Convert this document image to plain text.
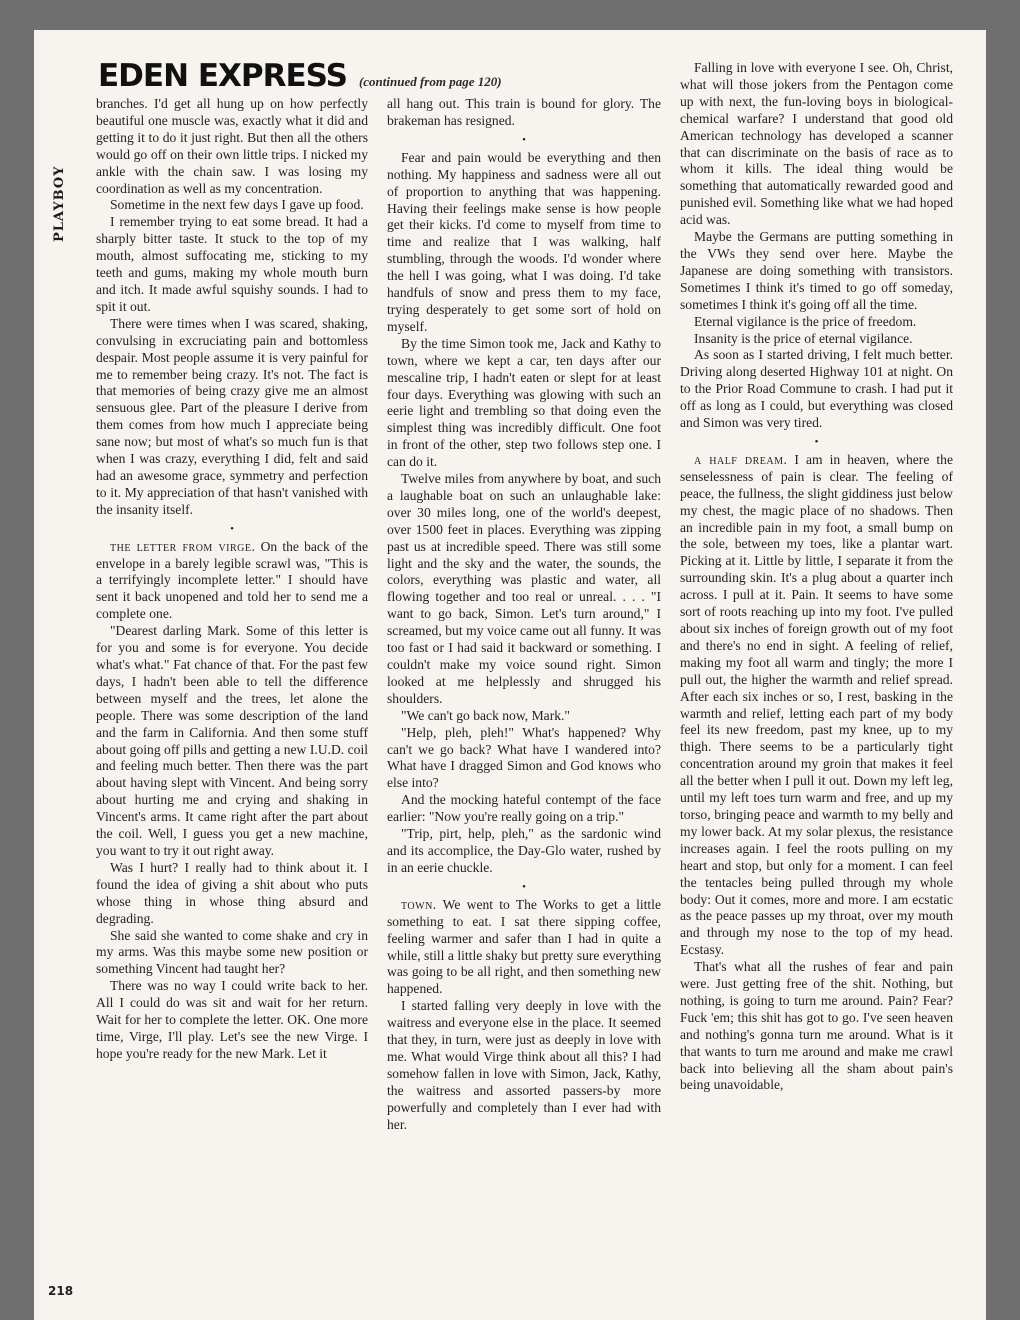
PLAYBOY
EDEN EXPRESS (continued from page 120)

branches. I'd get all hung up on how perfectly beautiful one muscle was, exactly what it did and getting it to do it just right. But then all the others would go off on their own little trips. I nicked my ankle with the chain saw. I was losing my coordination as well as my concentration.

Sometime in the next few days I gave up food.

I remember trying to eat some bread. It had a sharply bitter taste. It stuck to the top of my mouth, almost suffocating me, sticking to my teeth and gums, making my whole mouth burn and itch. It made awful squishy sounds. I had to spit it out.

There were times when I was scared, shaking, convulsing in excruciating pain and bottomless despair. Most people assume it is very painful for me to remember being crazy. It's not. The fact is that memories of being crazy give me an almost sensuous glee. Part of the pleasure I derive from them comes from how much I appreciate being sane now; but most of what's so much fun is that when I was crazy, everything I did, felt and said had an awesome grace, symmetry and perfection to it. My appreciation of that hasn't vanished with the insanity itself.

•

the letter from virge. On the back of the envelope in a barely legible scrawl was, "This is a terrifyingly incomplete letter." I should have sent it back unopened and told her to send me a complete one.

"Dearest darling Mark. Some of this letter is for you and some is for everyone. You decide what's what." Fat chance of that. For the past few days, I hadn't been able to tell the difference between myself and the trees, let alone the people. There was some description of the land and the farm in California. And then some stuff about going off pills and getting a new I.U.D. coil and feeling much better. Then there was the part about having slept with Vincent. And being sorry about hurting me and crying and shaking in Vincent's arms. It came right after the part about the coil. Well, I guess you get a new machine, you want to try it out right away.

Was I hurt? I really had to think about it. I found the idea of giving a shit about who puts whose thing in whose thing absurd and degrading.

She said she wanted to come shake and cry in my arms. Was this maybe some new position or something Vincent had taught her?

There was no way I could write back to her. All I could do was sit and wait for her return. Wait for her to complete the letter. OK. One more time, Virge, I'll play. Let's see the new Virge. I hope you're ready for the new Mark. Let it

all hang out. This train is bound for glory. The brakeman has resigned.

•

Fear and pain would be everything and then nothing. My happiness and sadness were all out of proportion to anything that was happening. Having their feelings make sense is how people get their kicks. I'd come to myself from time to time and realize that I was walking, half stumbling, through the woods. I'd wonder where the hell I was going, what I was doing. I'd take handfuls of snow and press them to my face, trying desperately to get some sort of hold on myself.

By the time Simon took me, Jack and Kathy to town, where we kept a car, ten days after our mescaline trip, I hadn't eaten or slept for at least four days. Everything was glowing with such an eerie light and trembling so that doing even the simplest thing was incredibly difficult. One foot in front of the other, step two follows step one. I can do it.

Twelve miles from anywhere by boat, and such a laughable boat on such an unlaughable lake: over 30 miles long, one of the world's deepest, over 1500 feet in places. Everything was zipping past us at incredible speed. There was still some light and the sky and the water, the sounds, the colors, everything was plastic and water, all flowing together and too real or unreal. . . . "I want to go back, Simon. Let's turn around," I screamed, but my voice came out all funny. It was too fast or I had said it backward or something. I couldn't make my voice sound right. Simon looked at me helplessly and shrugged his shoulders.

"We can't go back now, Mark."

"Help, pleh, pleh!" What's happened? Why can't we go back? What have I wandered into? What have I dragged Simon and God knows who else into?

And the mocking hateful contempt of the face earlier: "Now you're really going on a trip."

"Trip, pirt, help, pleh," as the sardonic wind and its accomplice, the Day-Glo water, rushed by in an eerie chuckle.

•

town. We went to The Works to get a little something to eat. I sat there sipping coffee, feeling warmer and safer than I had in quite a while, still a little shaky but pretty sure everything was going to be all right, and then something new happened.

I started falling very deeply in love with the waitress and everyone else in the place. It seemed that they, in turn, were just as deeply in love with me. What would Virge think about all this? I had somehow fallen in love with Simon, Jack, Kathy, the waitress and assorted passers-by more powerfully and completely than I ever had with her.

Falling in love with everyone I see. Oh, Christ, what will those jokers from the Pentagon come up with next, the fun-loving boys in biological-chemical warfare? I understand that good old American technology has developed a scanner that can discriminate on the basis of race as to whom it kills. The ideal thing would be something that automatically rewarded good and punished evil. Something like what we had hoped acid was.

Maybe the Germans are putting something in the VWs they send over here. Maybe the Japanese are doing something with transistors. Sometimes I think it's timed to go off someday, sometimes I think it's going off all the time.

Eternal vigilance is the price of freedom.

Insanity is the price of eternal vigilance.

As soon as I started driving, I felt much better. Driving along deserted Highway 101 at night. On to the Prior Road Commune to crash. I had put it off as long as I could, but everything was closed and Simon was very tired.

•

a half dream. I am in heaven, where the senselessness of pain is clear. The feeling of peace, the fullness, the slight giddiness just below my chest, the magic place of no shadows. Then an incredible pain in my foot, a small bump on the sole, between my toes, like a plantar wart. Picking at it. Little by little, I separate it from the surrounding skin. It's a plug about a quarter inch across. I pull at it. Pain. It seems to have some sort of roots reaching up into my foot. I've pulled about six inches of foreign growth out of my foot and there's no end in sight. A feeling of relief, making my foot all warm and tingly; the more I pull out, the higher the warmth and relief spread. After each six inches or so, I rest, basking in the warmth and relief, letting each part of my body feel its new freedom, past my knee, up to my thigh. There seems to be a particularly tight concentration around my groin that makes it feel all the better when I pull it out. Down my left leg, until my left toes turn warm and free, and up my torso, bringing peace and warmth to my belly and my lower back. At my solar plexus, the resistance increases again. I feel the roots pulling on my heart and stop, but only for a moment. I can feel the tentacles being pulled through my whole body: Out it comes, more and more. I am ecstatic as the peace passes up my throat, over my mouth and through my nose to the top of my head. Ecstasy.

That's what all the rushes of fear and pain were. Just getting free of the shit. Nothing, but nothing, is going to turn me around. Pain? Fear? Fuck 'em; this shit has got to go. I've seen heaven and nothing's gonna turn me around. What is it that wants to turn me around and make me crawl back into believing all the sham about pain's being unavoidable,

218
